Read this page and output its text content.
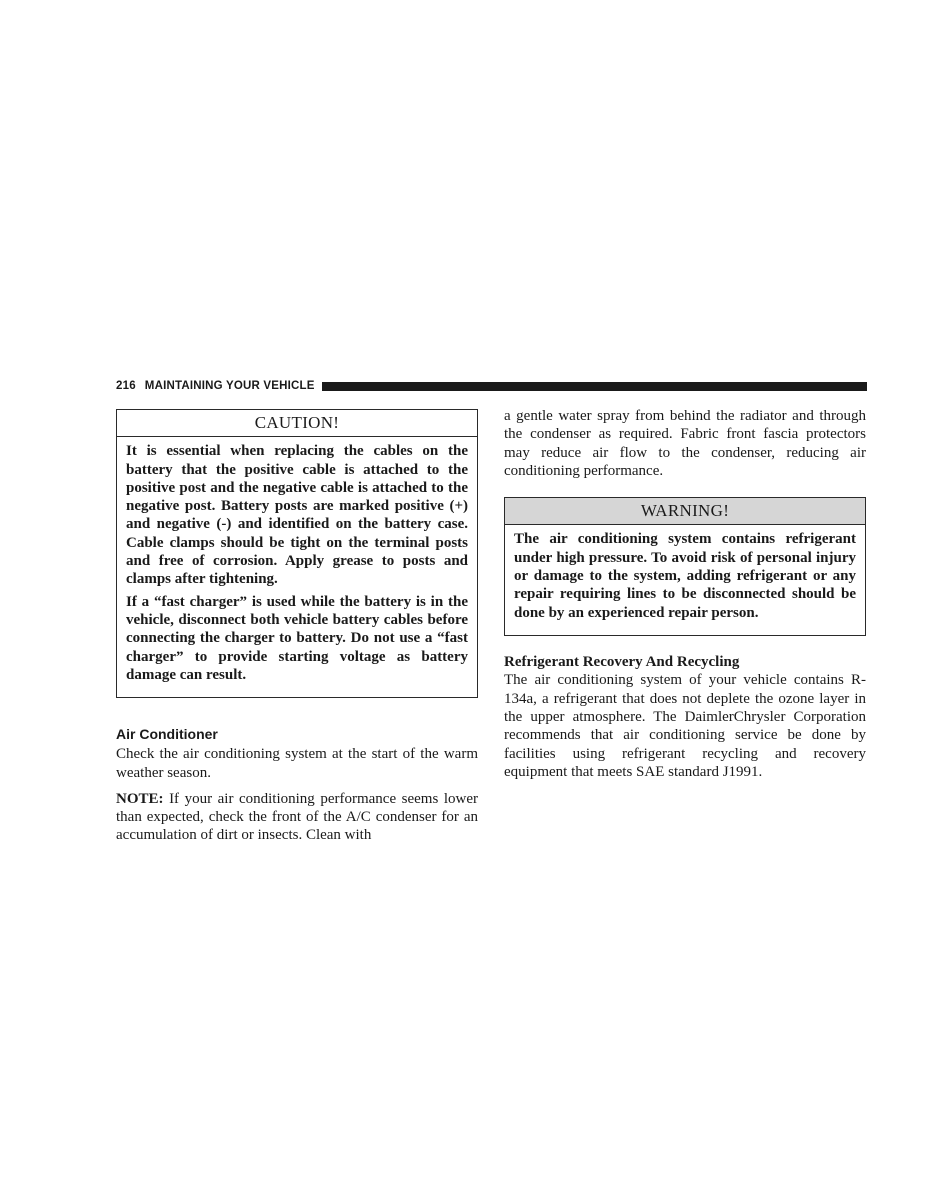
216 MAINTAINING YOUR VEHICLE
CAUTION!

It is essential when replacing the cables on the battery that the positive cable is attached to the positive post and the negative cable is attached to the negative post. Battery posts are marked positive (+) and negative (-) and identified on the battery case. Cable clamps should be tight on the terminal posts and free of corrosion. Apply grease to posts and clamps after tightening.

If a “fast charger” is used while the battery is in the vehicle, disconnect both vehicle battery cables before connecting the charger to battery. Do not use a “fast charger” to provide starting voltage as battery damage can result.

Air Conditioner

Check the air conditioning system at the start of the warm weather season.

NOTE: If your air conditioning performance seems lower than expected, check the front of the A/C condenser for an accumulation of dirt or insects. Clean with

a gentle water spray from behind the radiator and through the condenser as required. Fabric front fascia protectors may reduce air flow to the condenser, reducing air conditioning performance.

WARNING!

The air conditioning system contains refrigerant under high pressure. To avoid risk of personal injury or damage to the system, adding refrigerant or any repair requiring lines to be disconnected should be done by an experienced repair person.

Refrigerant Recovery And Recycling

The air conditioning system of your vehicle contains R-134a, a refrigerant that does not deplete the ozone layer in the upper atmosphere. The DaimlerChrysler Corporation recommends that air conditioning service be done by facilities using refrigerant recycling and recovery equipment that meets SAE standard J1991.
